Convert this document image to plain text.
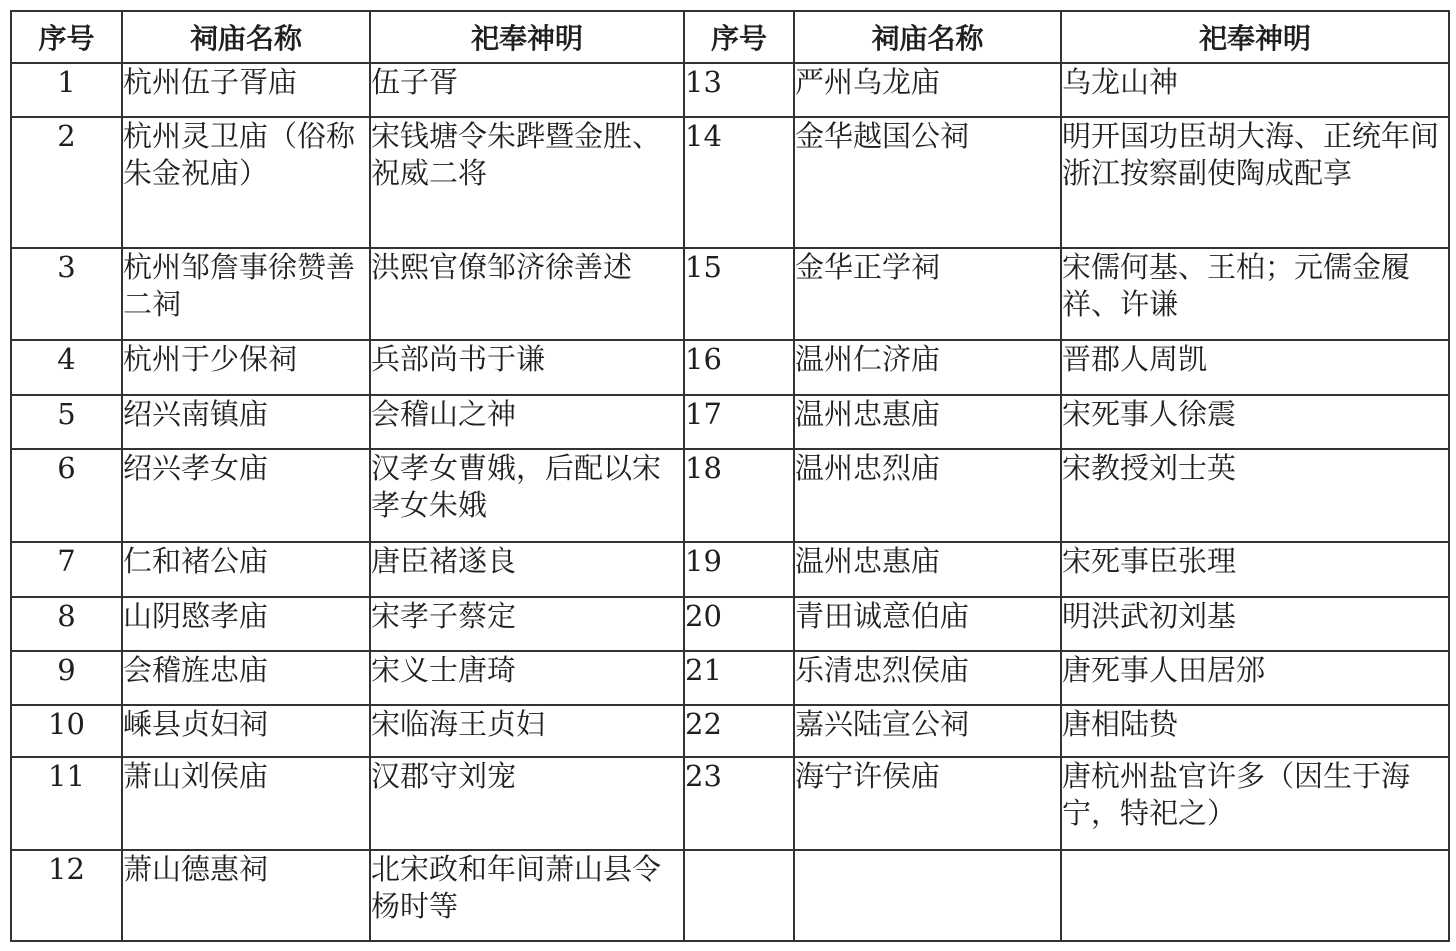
序号	祠庙名称	祀奉神明	序号	祠庙名称	祀奉神明
1	杭州伍子胥庙	伍子胥	13	严州乌龙庙	乌龙山神
2	杭州灵卫庙（俗称朱金祝庙）	宋钱塘令朱跸暨金胜、祝威二将	14	金华越国公祠	明开国功臣胡大海、正统年间浙江按察副使陶成配享
3	杭州邹詹事徐赞善二祠	洪熙官僚邹济徐善述	15	金华正学祠	宋儒何基、王柏；元儒金履祥、许谦
4	杭州于少保祠	兵部尚书于谦	16	温州仁济庙	晋郡人周凯
5	绍兴南镇庙	会稽山之神	17	温州忠惠庙	宋死事人徐震
6	绍兴孝女庙	汉孝女曹娥，后配以宋孝女朱娥	18	温州忠烈庙	宋教授刘士英
7	仁和褚公庙	唐臣褚遂良	19	温州忠惠庙	宋死事臣张理
8	山阴愍孝庙	宋孝子蔡定	20	青田诚意伯庙	明洪武初刘基
9	会稽旌忠庙	宋义士唐琦	21	乐清忠烈侯庙	唐死事人田居邠
10	嵊县贞妇祠	宋临海王贞妇	22	嘉兴陆宣公祠	唐相陆贽
11	萧山刘侯庙	汉郡守刘宠	23	海宁许侯庙	唐杭州盐官许多（因生于海宁，特祀之）
12	萧山德惠祠	北宋政和年间萧山县令杨时等			
